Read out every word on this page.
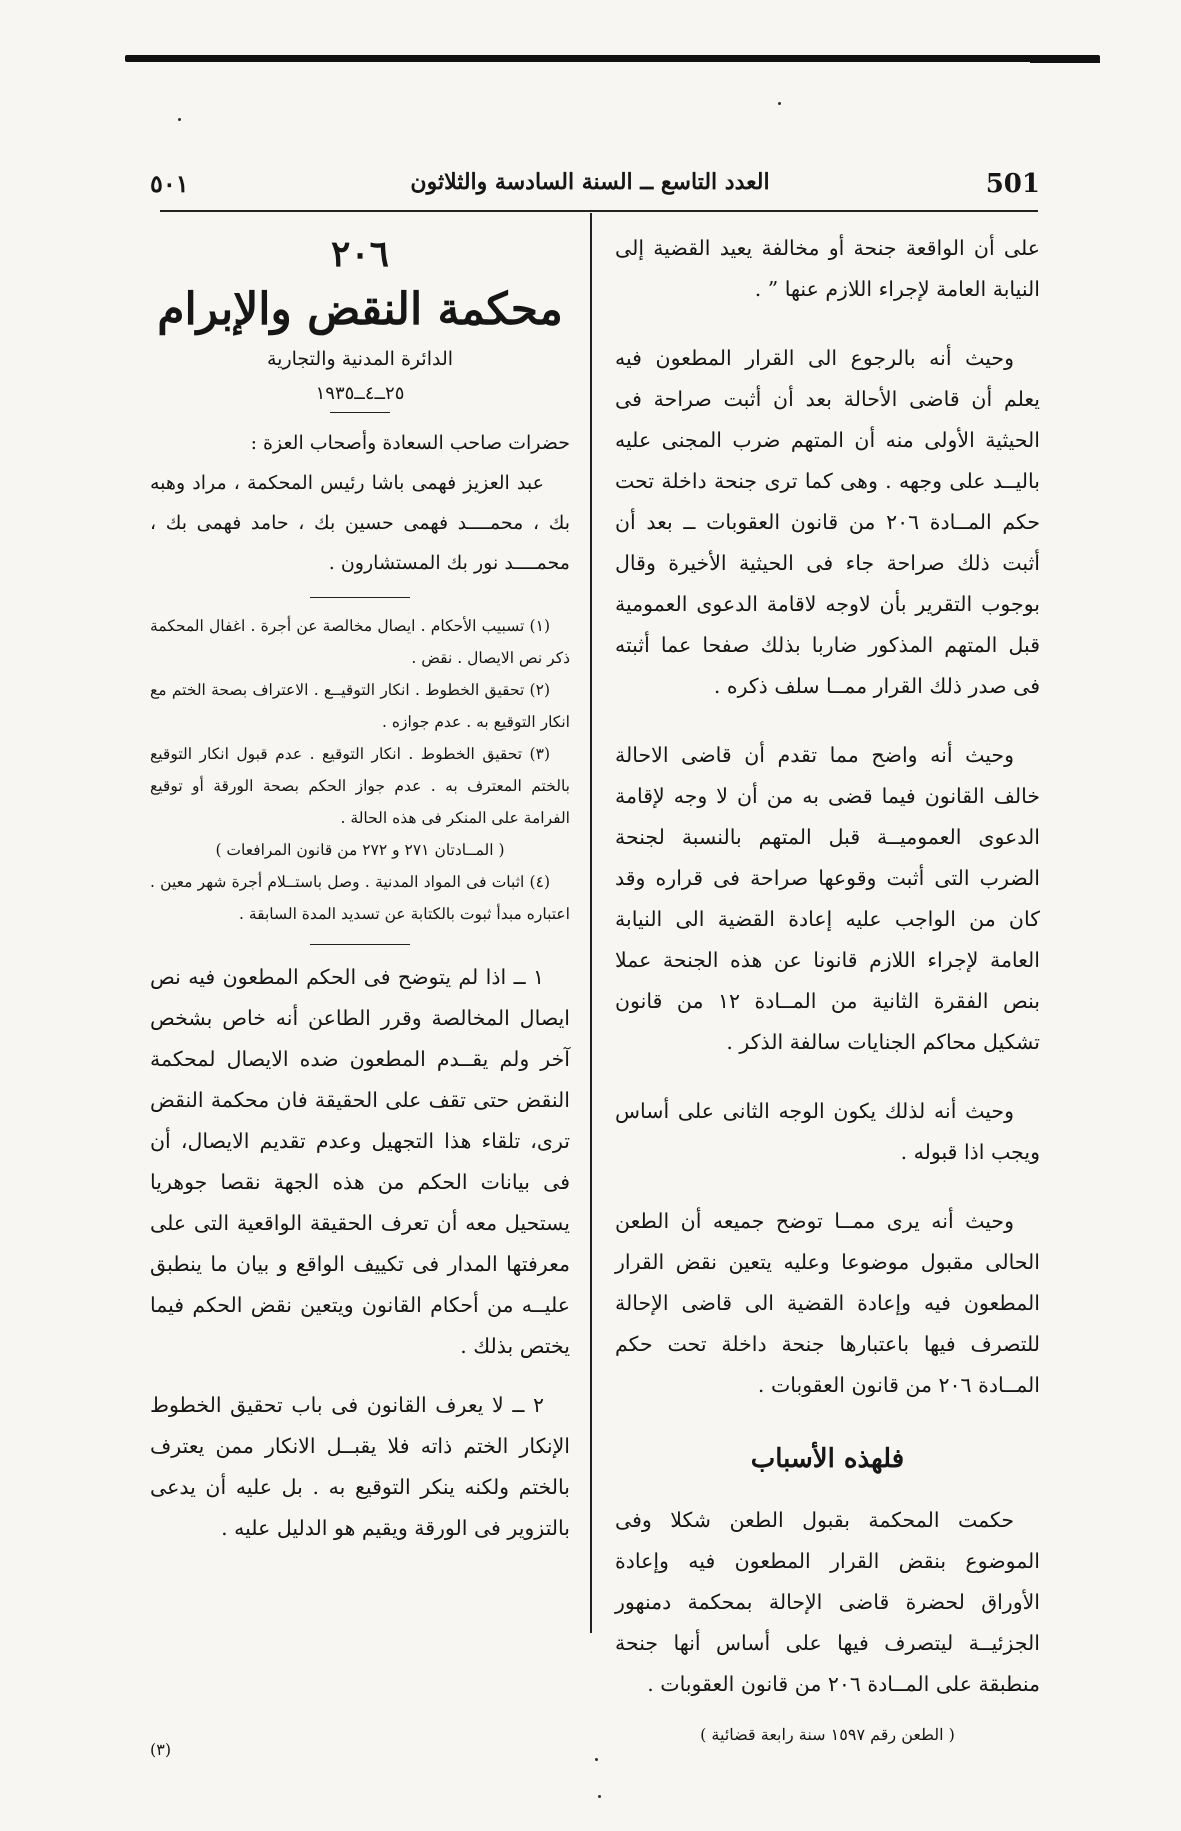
501
العدد التاسع ــ السنة السادسة والثلاثون
٥٠١

على أن الواقعة جنحة أو مخالفة يعيد القضية إلى النيابة العامة لإجراء اللازم عنها ” .

وحيث أنه بالرجوع الى القرار المطعون فيه يعلم أن قاضى الأحالة بعد أن أثبت صراحة فى الحيثية الأولى منه أن المتهم ضرب المجنى عليه باليــد على وجهه . وهى كما ترى جنحة داخلة تحت حكم المــادة ٢٠٦ من قانون العقوبات ــ بعد أن أثبت ذلك صراحة جاء فى الحيثية الأخيرة وقال بوجوب التقرير بأن لاوجه لاقامة الدعوى العمومية قبل المتهم المذكور ضاربا بذلك صفحا عما أثبته فى صدر ذلك القرار ممــا سلف ذكره .

وحيث أنه واضح مما تقدم أن قاضى الاحالة خالف القانون فيما قضى به من أن لا وجه لإقامة الدعوى العموميــة قبل المتهم بالنسبة لجنحة الضرب التى أثبت وقوعها صراحة فى قراره وقد كان من الواجب عليه إعادة القضية الى النيابة العامة لإجراء اللازم قانونا عن هذه الجنحة عملا بنص الفقرة الثانية من المــادة ١٢ من قانون تشكيل محاكم الجنايات سالفة الذكر .

وحيث أنه لذلك يكون الوجه الثانى على أساس ويجب اذا قبوله .

وحيث أنه يرى ممــا توضح جميعه أن الطعن الحالى مقبول موضوعا وعليه يتعين نقض القرار المطعون فيه وإعادة القضية الى قاضى الإحالة للتصرف فيها باعتبارها جنحة داخلة تحت حكم المــادة ٢٠٦ من قانون العقوبات .

فلهذه الأسباب

حكمت المحكمة بقبول الطعن شكلا وفى الموضوع بنقض القرار المطعون فيه وإعادة الأوراق لحضرة قاضى الإحالة بمحكمة دمنهور الجزئيــة ليتصرف فيها على أساس أنها جنحة منطبقة على المــادة ٢٠٦ من قانون العقوبات .

( الطعن رقم ١٥٩٧ سنة رابعة قضائية )

٢٠٦

محكمة النقض والإبرام

الدائرة المدنية والتجارية

٢٥ــ٤ــ١٩٣٥

حضرات صاحب السعادة وأصحاب العزة :

عبد العزيز فهمى باشا رئيس المحكمة ، مراد وهبه بك ، محمــــد فهمى حسين بك ، حامد فهمى بك ، محمــــد نور بك المستشارون .

(١) تسبيب الأحكام . ايصال مخالصة عن أجرة . اغفال المحكمة ذكر نص الايصال . نقض .

(٢) تحقيق الخطوط . انكار التوقيــع . الاعتراف بصحة الختم مع انكار التوقيع به . عدم جوازه .

(٣) تحقيق الخطوط . انكار التوقيع . عدم قبول انكار التوقيع بالختم المعترف به . عدم جواز الحكم بصحة الورقة أو توقيع الفرامة على المنكر فى هذه الحالة .

( المــادتان ٢٧١ و ٢٧٢ من قانون المرافعات )

(٤) اثبات فى المواد المدنية . وصل باستــلام أجرة شهر معين . اعتباره مبدأ ثبوت بالكتابة عن تسديد المدة السابقة .

١ ــ اذا لم يتوضح فى الحكم المطعون فيه نص ايصال المخالصة وقرر الطاعن أنه خاص بشخص آخر ولم يقــدم المطعون ضده الايصال لمحكمة النقض حتى تقف على الحقيقة فان محكمة النقض ترى، تلقاء هذا التجهيل وعدم تقديم الايصال، أن فى بيانات الحكم من هذه الجهة نقصا جوهريا يستحيل معه أن تعرف الحقيقة الواقعية التى على معرفتها المدار فى تكييف الواقع و بيان ما ينطبق عليــه من أحكام القانون ويتعين نقض الحكم فيما يختص بذلك .

٢ ــ لا يعرف القانون فى باب تحقيق الخطوط الإنكار الختم ذاته فلا يقبــل الانكار ممن يعترف بالختم ولكنه ينكر التوقيع به . بل عليه أن يدعى بالتزوير فى الورقة ويقيم هو الدليل عليه .

(٣)
